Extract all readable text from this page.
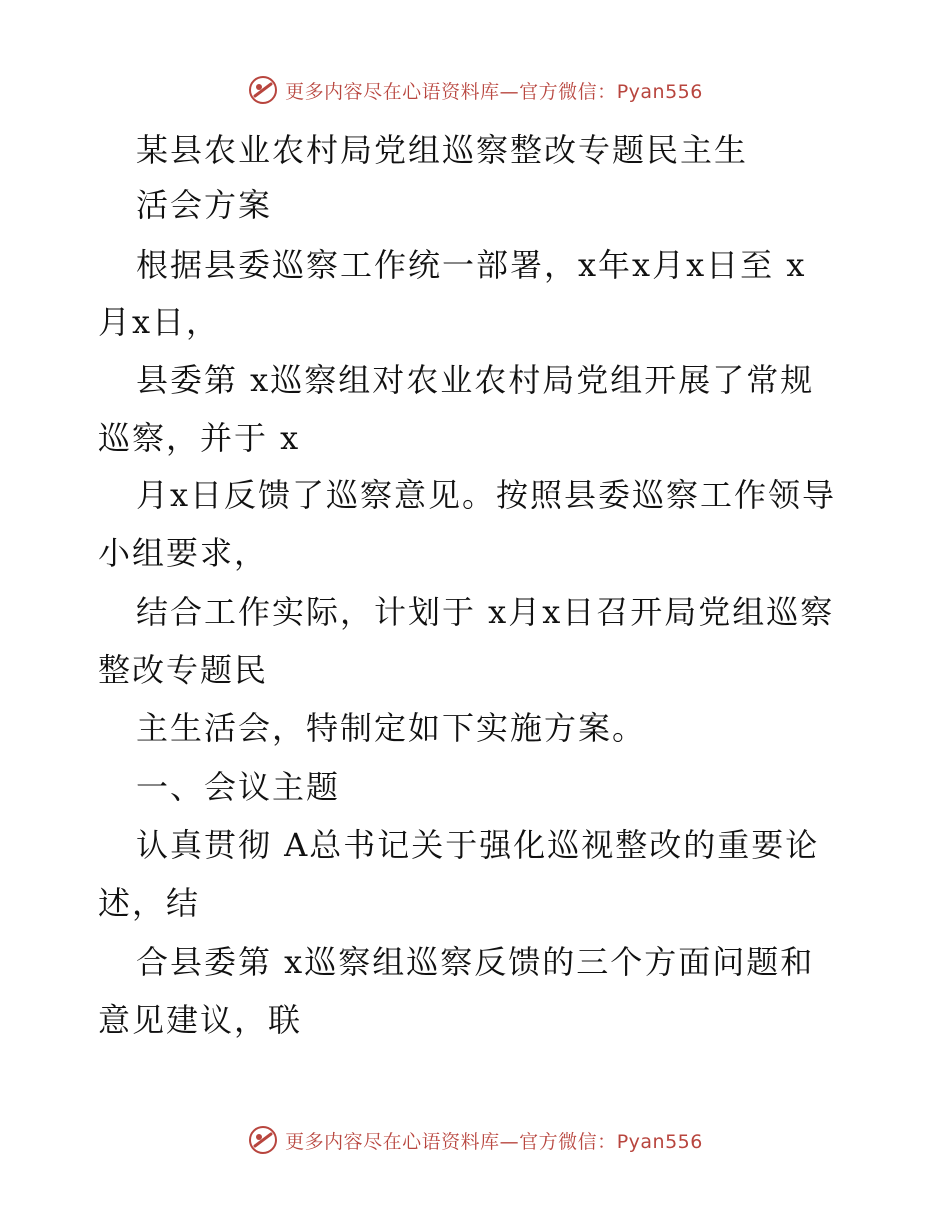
更多内容尽在心语资料库—官方微信：Pyan556
某县农业农村局党组巡察整改专题民主生
活会方案
根据县委巡察工作统一部署，x年x月x日至 x
月x日，
县委第 x巡察组对农业农村局党组开展了常规
巡察，并于 x
月x日反馈了巡察意见。按照县委巡察工作领导
小组要求，
结合工作实际，计划于 x月x日召开局党组巡察
整改专题民
主生活会，特制定如下实施方案。
一、会议主题
认真贯彻 A总书记关于强化巡视整改的重要论
述，结
合县委第 x巡察组巡察反馈的三个方面问题和
意见建议，联
更多内容尽在心语资料库—官方微信：Pyan556
